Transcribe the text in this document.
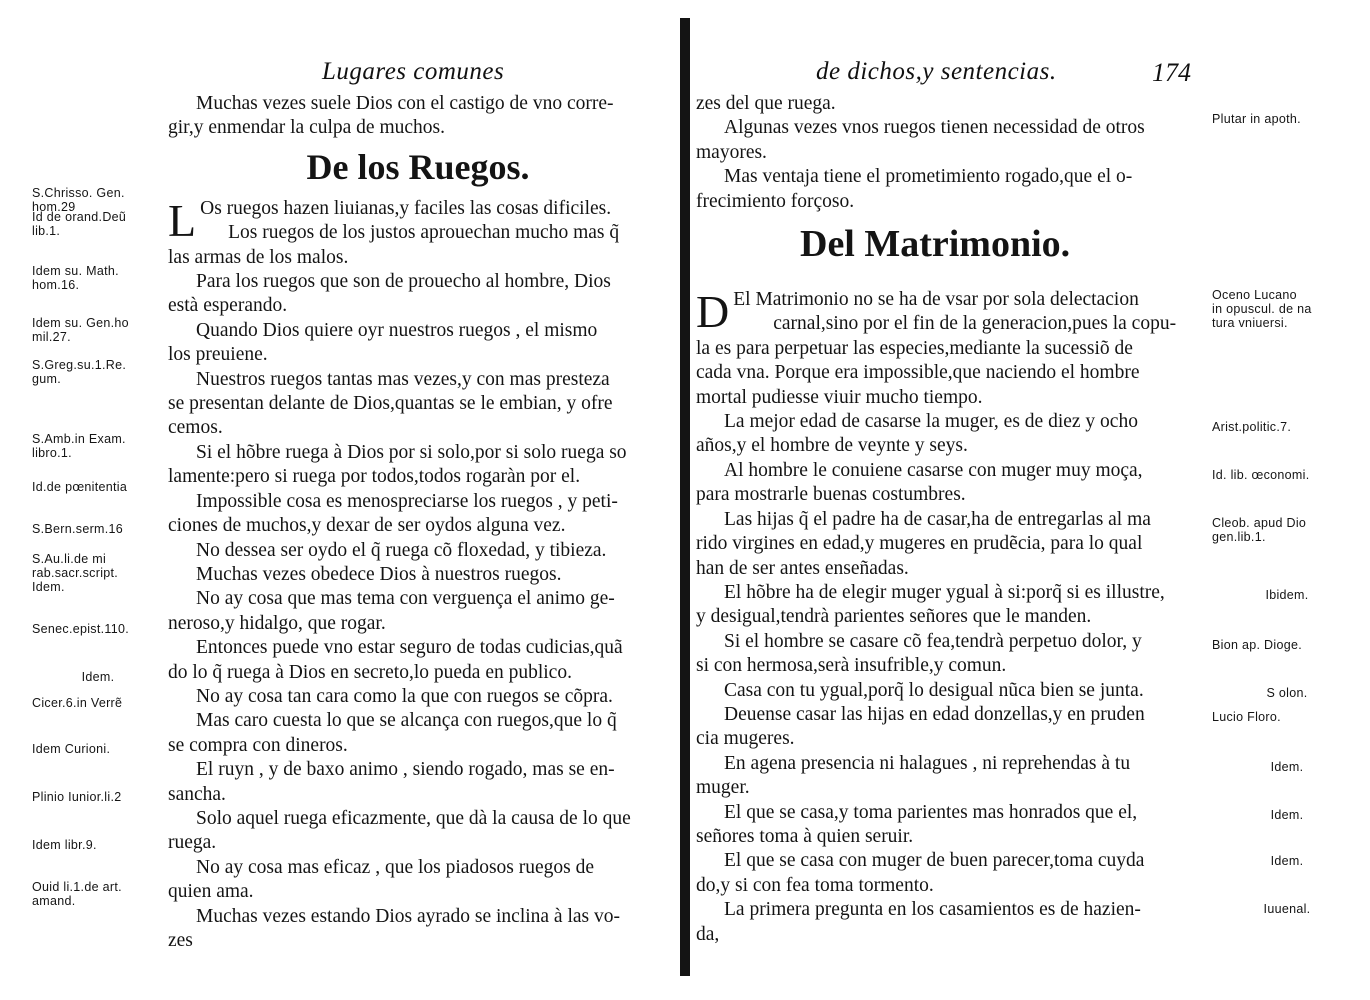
Lugares comunes

Muchas vezes suele Dios con el castigo de vno corre-
gir,y enmendar la culpa de muchos.

De los Ruegos.

L Os ruegos hazen liuianas,y faciles las cosas dificiles.

Los ruegos de los justos aprouechan mucho mas q̃
las armas de los malos.

Para los ruegos que son de prouecho al hombre, Dios
està esperando.

Quando Dios quiere oyr nuestros ruegos , el mismo
los preuiene.

Nuestros ruegos tantas mas vezes,y con mas presteza
se presentan delante de Dios,quantas se le embian, y ofre
cemos.

Si el hõbre ruega à Dios por si solo,por si solo ruega so
lamente:pero si ruega por todos,todos rogaràn por el.

Impossible cosa es menospreciarse los ruegos , y peti-
ciones de muchos,y dexar de ser oydos alguna vez.

No dessea ser oydo el q̃ ruega cõ floxedad, y tibieza.

Muchas vezes obedece Dios à nuestros ruegos.

No ay cosa que mas tema con verguença el animo ge-
neroso,y hidalgo, que rogar.

Entonces puede vno estar seguro de todas cudicias,quã
do lo q̃ ruega à Dios en secreto,lo pueda en publico.

No ay cosa tan cara como la que con ruegos se cõpra.

Mas caro cuesta lo que se alcança con ruegos,que lo q̃
se compra con dineros.

El ruyn , y de baxo animo , siendo rogado, mas se en-
sancha.

Solo aquel ruega eficazmente, que dà la causa de lo que
ruega.

No ay cosa mas eficaz , que los piadosos ruegos de
quien ama.

Muchas vezes estando Dios ayrado se inclina à las vo-
zes

S.Chrisso. Gen.
hom.29
Id de orand.Deũ
lib.1.
Idem su. Math.
hom.16.
Idem su. Gen.ho
mil.27.
S.Greg.su.1.Re.
gum.
S.Amb.in Exam.
libro.1.
Id.de pœnitentia
S.Bern.serm.16
S.Au.li.de mi
rab.sacr.script.
Idem.
Senec.epist.110.
Idem.
Cicer.6.in Verrẽ
Idem Curioni.
Plinio Iunior.li.2
Idem libr.9.
Ouid li.1.de art.
amand.
de dichos,y sentencias.	174

zes del que ruega.

Algunas vezes vnos ruegos tienen necessidad de otros
mayores.

Mas ventaja tiene el prometimiento rogado,que el o-
frecimiento forçoso.

Del Matrimonio.

D El Matrimonio no se ha de vsar por sola delectacion
carnal,sino por el fin de la generacion,pues la copu-
la es para perpetuar las especies,mediante la sucessiõ de
cada vna. Porque era impossible,que naciendo el hombre
mortal pudiesse viuir mucho tiempo.

La mejor edad de casarse la muger, es de diez y ocho
años,y el hombre de veynte y seys.

Al hombre le conuiene casarse con muger muy moça,
para mostrarle buenas costumbres.

Las hijas q̃ el padre ha de casar,ha de entregarlas al ma
rido virgines en edad,y mugeres en prudẽcia, para lo qual
han de ser antes enseñadas.

El hõbre ha de elegir muger ygual à si:porq̃ si es illustre,
y desigual,tendrà parientes señores que le manden.

Si el hombre se casare cõ fea,tendrà perpetuo dolor, y
si con hermosa,serà insufrible,y comun.

Casa con tu ygual,porq̃ lo desigual nũca bien se junta.

Deuense casar las hijas en edad donzellas,y en pruden
cia mugeres.

En agena presencia ni halagues , ni reprehendas à tu
muger.

El que se casa,y toma parientes mas honrados que el,
señores toma à quien seruir.

El que se casa con muger de buen parecer,toma cuyda
do,y si con fea toma tormento.

La primera pregunta en los casamientos es de hazien-
da,

Plutar in apoth.
Oceno Lucano
in opuscul. de na
tura vniuersi.
Arist.politic.7.
Id. lib. œconomi.
Cleob. apud Dio
gen.lib.1.
Ibidem.
Bion ap. Dioge.
S olon.
Lucio Floro.
Idem.
Idem.
Idem.
Iuuenal.
